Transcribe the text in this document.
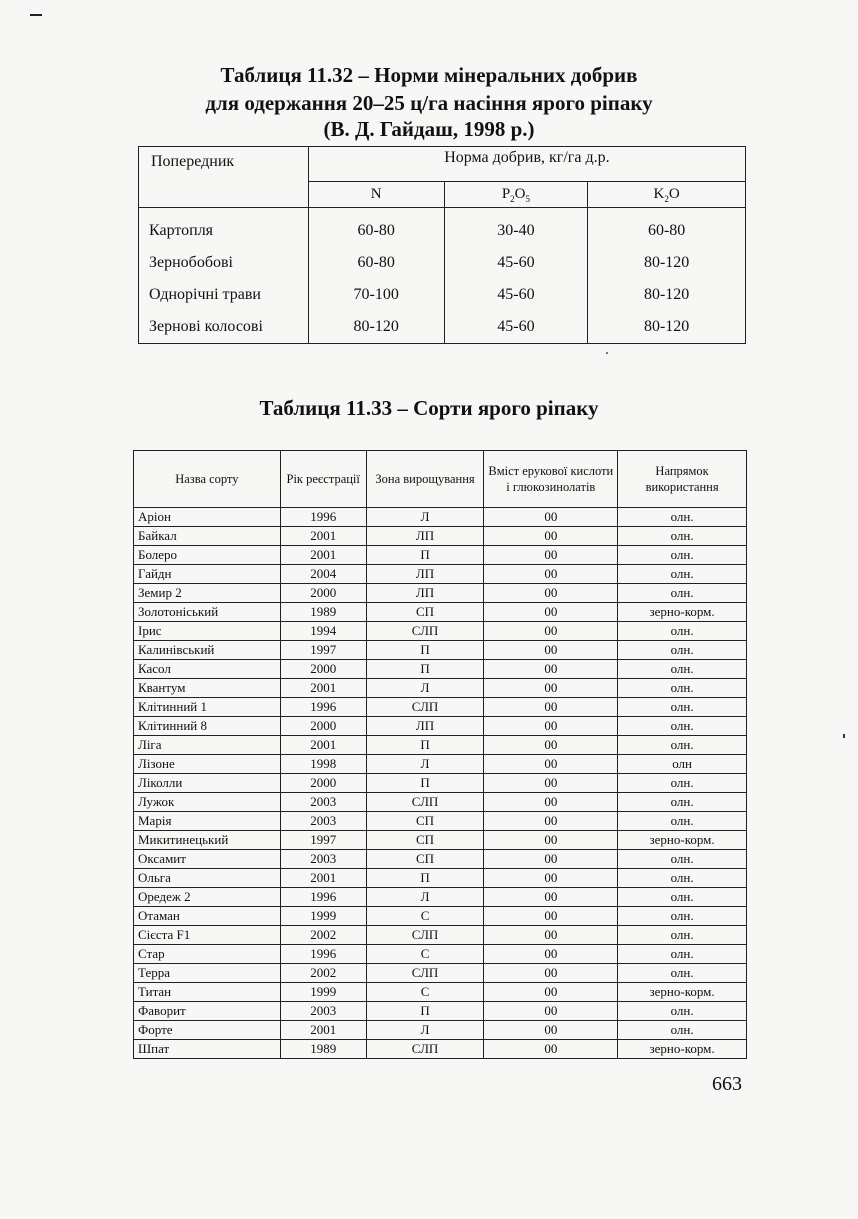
Таблиця 11.32 – Норми мінеральних добрив

для одержання 20–25 ц/га насіння ярого ріпаку

(В. Д. Гайдаш, 1998 р.)

Попередник	Норма добрив, кг/га д.р.		
	N	$P_2O_5$	$K_2O$
Картопля	60-80	30-40	60-80
Зернобобові	60-80	45-60	80-120
Однорічні трави	70-100	45-60	80-120
Зернові колосові	80-120	45-60	80-120

Таблиця 11.33 – Сорти ярого ріпаку

Назва сорту	Рік реєстрації	Зона вирощування	Вміст ерукової кислоти і глюкозинолатів	Напрямок використання
Аріон	1996	Л	00	олн.
Байкал	2001	ЛП	00	олн.
Болеро	2001	П	00	олн.
Гайдн	2004	ЛП	00	олн.
Земир 2	2000	ЛП	00	олн.
Золотоніський	1989	СП	00	зерно-корм.
Ірис	1994	СЛП	00	олн.
Калинівський	1997	П	00	олн.
Касол	2000	П	00	олн.
Квантум	2001	Л	00	олн.
Клітинний 1	1996	СЛП	00	олн.
Клітинний 8	2000	ЛП	00	олн.
Ліга	2001	П	00	олн.
Лізоне	1998	Л	00	олн
Ліколли	2000	П	00	олн.
Лужок	2003	СЛП	00	олн.
Марія	2003	СП	00	олн.
Микитинецький	1997	СП	00	зерно-корм.
Оксамит	2003	СП	00	олн.
Ольга	2001	П	00	олн.
Оредеж 2	1996	Л	00	олн.
Отаман	1999	С	00	олн.
Сієста F1	2002	СЛП	00	олн.
Стар	1996	С	00	олн.
Терра	2002	СЛП	00	олн.
Титан	1999	С	00	зерно-корм.
Фаворит	2003	П	00	олн.
Форте	2001	Л	00	олн.
Шпат	1989	СЛП	00	зерно-корм.

663
